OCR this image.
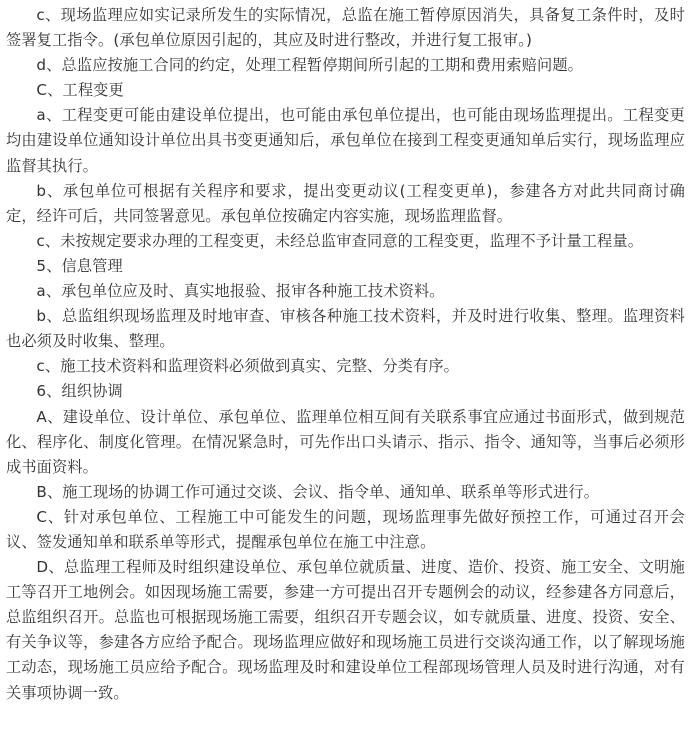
c、现场监理应如实记录所发生的实际情况，总监在施工暂停原因消失，具备复工条件时，及时签署复工指令。(承包单位原因引起的，其应及时进行整改，并进行复工报审。)

d、总监应按施工合同的约定，处理工程暂停期间所引起的工期和费用索赔问题。

C、工程变更

a、工程变更可能由建设单位提出，也可能由承包单位提出，也可能由现场监理提出。工程变更均由建设单位通知设计单位出具书变更通知后，承包单位在接到工程变更通知单后实行，现场监理应监督其执行。

b、承包单位可根据有关程序和要求，提出变更动议(工程变更单)，参建各方对此共同商讨确定，经许可后，共同签署意见。承包单位按确定内容实施，现场监理监督。

c、未按规定要求办理的工程变更，未经总监审查同意的工程变更，监理不予计量工程量。

5、信息管理

a、承包单位应及时、真实地报验、报审各种施工技术资料。

b、总监组织现场监理及时地审查、审核各种施工技术资料，并及时进行收集、整理。监理资料也必须及时收集、整理。

c、施工技术资料和监理资料必须做到真实、完整、分类有序。

6、组织协调

A、建设单位、设计单位、承包单位、监理单位相互间有关联系事宜应通过书面形式，做到规范化、程序化、制度化管理。在情况紧急时，可先作出口头请示、指示、指令、通知等，当事后必须形成书面资料。

B、施工现场的协调工作可通过交谈、会议、指令单、通知单、联系单等形式进行。

C、针对承包单位、工程施工中可能发生的问题，现场监理事先做好预控工作，可通过召开会议、签发通知单和联系单等形式，提醒承包单位在施工中注意。

D、总监理工程师及时组织建设单位、承包单位就质量、进度、造价、投资、施工安全、文明施工等召开工地例会。如因现场施工需要，参建一方可提出召开专题例会的动议，经参建各方同意后，总监组织召开。总监也可根据现场施工需要，组织召开专题会议，如专就质量、进度、投资、安全、有关争议等，参建各方应给予配合。现场监理应做好和现场施工员进行交谈沟通工作，以了解现场施工动态，现场施工员应给予配合。现场监理及时和建设单位工程部现场管理人员及时进行沟通，对有关事项协调一致。
